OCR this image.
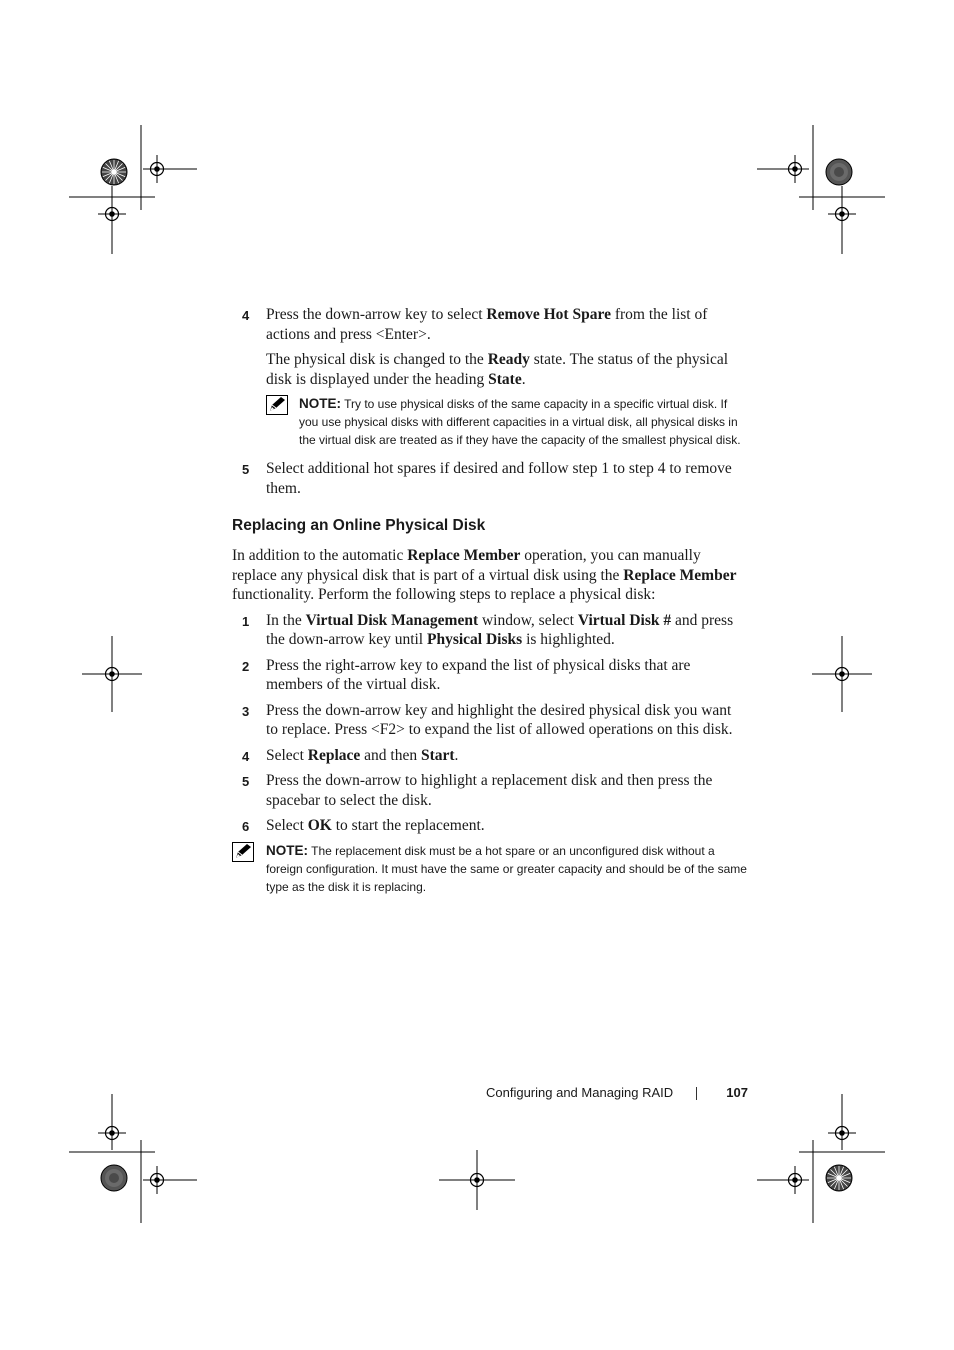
4 Press the down-arrow key to select Remove Hot Spare from the list of actions and press <Enter>.
The physical disk is changed to the Ready state. The status of the physical disk is displayed under the heading State.
NOTE: Try to use physical disks of the same capacity in a specific virtual disk. If you use physical disks with different capacities in a virtual disk, all physical disks in the virtual disk are treated as if they have the capacity of the smallest physical disk.
5 Select additional hot spares if desired and follow step 1 to step 4 to remove them.
Replacing an Online Physical Disk
In addition to the automatic Replace Member operation, you can manually replace any physical disk that is part of a virtual disk using the Replace Member functionality. Perform the following steps to replace a physical disk:
1 In the Virtual Disk Management window, select Virtual Disk # and press the down-arrow key until Physical Disks is highlighted.
2 Press the right-arrow key to expand the list of physical disks that are members of the virtual disk.
3 Press the down-arrow key and highlight the desired physical disk you want to replace. Press <F2> to expand the list of allowed operations on this disk.
4 Select Replace and then Start.
5 Press the down-arrow to highlight a replacement disk and then press the spacebar to select the disk.
6 Select OK to start the replacement.
NOTE: The replacement disk must be a hot spare or an unconfigured disk without a foreign configuration. It must have the same or greater capacity and should be of the same type as the disk it is replacing.
Configuring and Managing RAID	107
